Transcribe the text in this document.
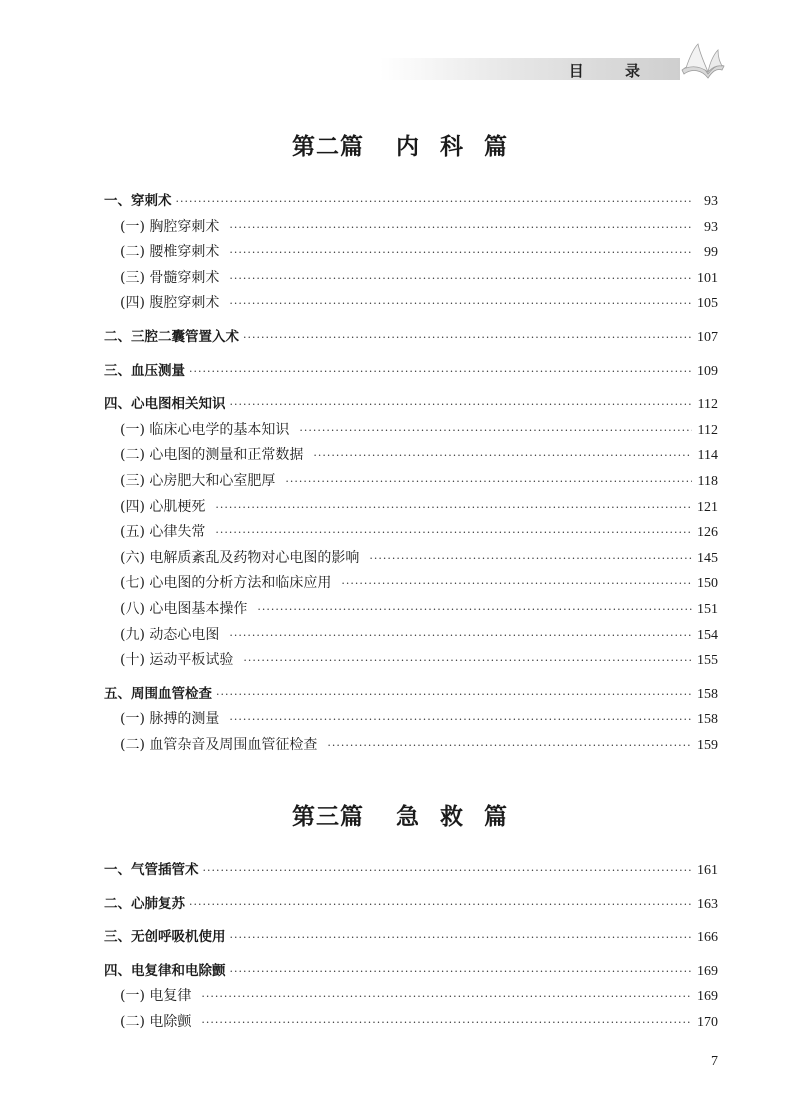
目 录
第二篇 内 科 篇
一、穿刺术 ·····	93
(一) 胸腔穿刺术 ·····	93
(二) 腰椎穿刺术 ·····	99
(三) 骨髓穿刺术 ·····	101
(四) 腹腔穿刺术 ·····	105
二、三腔二囊管置入术 ·····	107
三、血压测量 ·····	109
四、心电图相关知识 ·····	112
(一) 临床心电学的基本知识 ·····	112
(二) 心电图的测量和正常数据 ·····	114
(三) 心房肥大和心室肥厚 ·····	118
(四) 心肌梗死 ·····	121
(五) 心律失常 ·····	126
(六) 电解质紊乱及药物对心电图的影响 ·····	145
(七) 心电图的分析方法和临床应用 ·····	150
(八) 心电图基本操作 ·····	151
(九) 动态心电图 ·····	154
(十) 运动平板试验 ·····	155
五、周围血管检查 ·····	158
(一) 脉搏的测量 ·····	158
(二) 血管杂音及周围血管征检查 ·····	159
第三篇 急 救 篇
一、气管插管术 ·····	161
二、心肺复苏 ·····	163
三、无创呼吸机使用 ·····	166
四、电复律和电除颤 ·····	169
(一) 电复律 ·····	169
(二) 电除颤 ·····	170
7
